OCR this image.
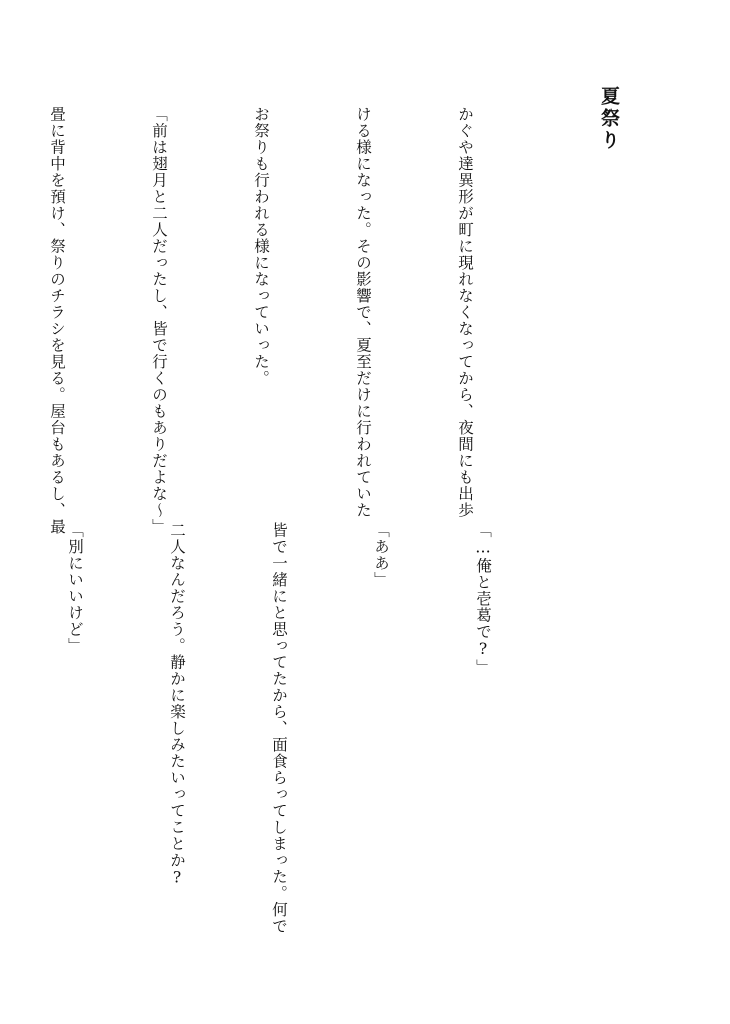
夏祭り

かぐや達異形が町に現れなくなってから、夜間にも出歩

ける様になった。その影響で、夏至だけに行われていた

お祭りも行われる様になっていった。

「前は翅月と二人だったし、皆で行くのもありだよな〜」

畳に背中を預け、祭りのチラシを見る。屋台もあるし、最

「…俺と壱葛で?」

「ああ」

皆で一緒にと思ってたから、面食らってしまった。何で

二人なんだろう。静かに楽しみたいってことか?

「別にいいけど」
